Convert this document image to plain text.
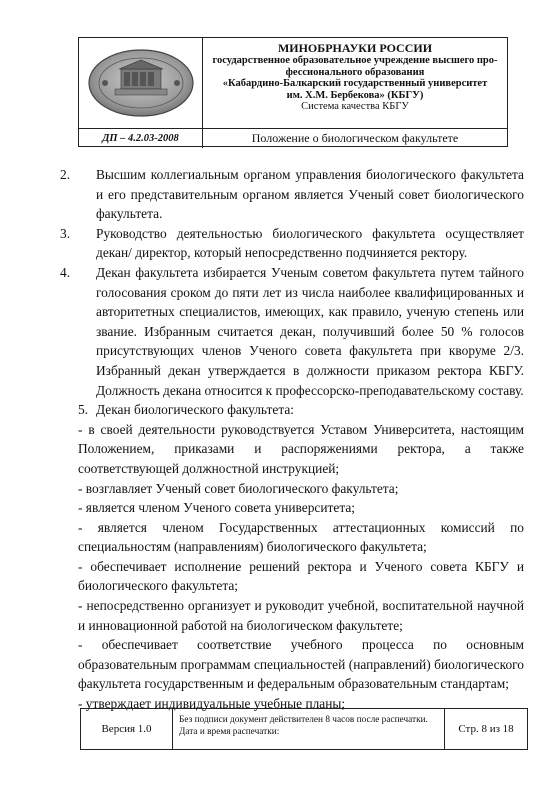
МИНОБРНАУКИ РОССИИ
государственное образовательное учреждение высшего про-
фессионального образования
«Кабардино-Балкарский государственный университет
им. Х.М. Бербекова» (КБГУ)
Система качества КБГУ
ДП – 4.2.03-2008	Положение о биологическом факультете

2. Высшим коллегиальным органом управления биологического факультета и его представительным органом является Ученый совет биологического факультета.

3. Руководство деятельностью биологического факультета осуществляет декан/ директор, который непосредственно подчиняется ректору.

4. Декан факультета избирается Ученым советом факультета путем тайного голосования сроком до пяти лет из числа наиболее квалифицированных и авторитетных специалистов, имеющих, как правило, ученую степень или звание. Избранным считается декан, получивший более 50 % голосов присутствующих членов Ученого совета факультета при кворуме 2/3. Избранный декан утверждается в должности приказом ректора КБГУ. Должность декана относится к профессорско-преподавательскому составу.

5. Декан биологического факультета:

- в своей деятельности руководствуется Уставом Университета, настоящим Положением, приказами и распоряжениями ректора, а также соответствующей должностной инструкцией;

- возглавляет Ученый совет биологического факультета;

- является членом Ученого совета университета;

- является членом Государственных аттестационных комиссий по специальностям (направлениям) биологического факультета;

- обеспечивает исполнение решений ректора и Ученого совета КБГУ и биологического факультета;

- непосредственно организует и руководит учебной, воспитательной научной и инновационной работой на биологическом факультете;

- обеспечивает соответствие учебного процесса по основным образовательным программам специальностей (направлений) биологического факультета государственным и федеральным образовательным стандартам;

- утверждает индивидуальные учебные планы;

Версия 1.0
Без подписи документ действителен 8 часов после распечатки.
Дата и время распечатки:	Стр. 8 из 18
